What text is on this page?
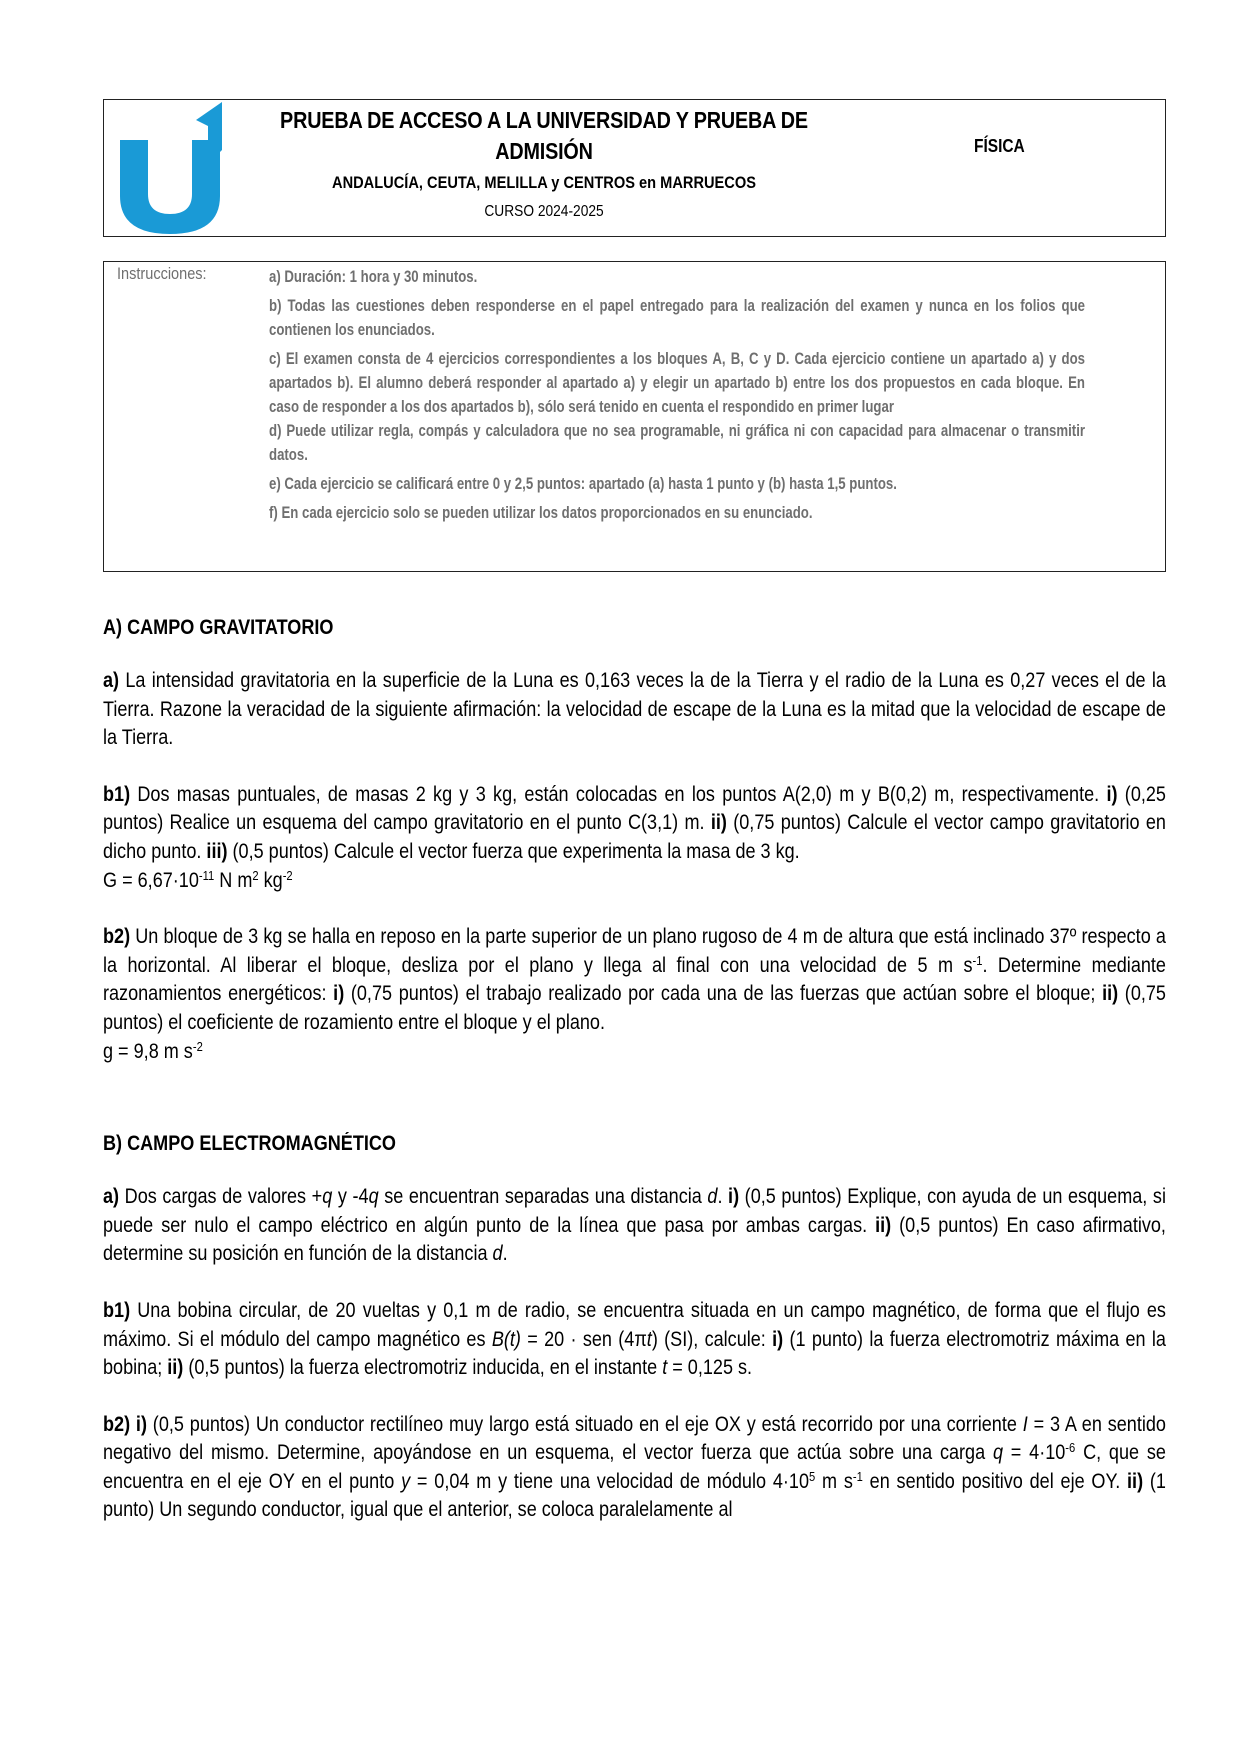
PRUEBA DE ACCESO A LA UNIVERSIDAD Y PRUEBA DE
ADMISIÓN
ANDALUCÍA, CEUTA, MELILLA y CENTROS en MARRUECOS
CURSO 2024-2025
FÍSICA
Instrucciones:	a) Duración: 1 hora y 30 minutos.
b) Todas las cuestiones deben responderse en el papel entregado para la realización del examen y nunca en los folios que contienen los enunciados.
c) El examen consta de 4 ejercicios correspondientes a los bloques A, B, C y D. Cada ejercicio contiene un apartado a) y dos apartados b). El alumno deberá responder al apartado a) y elegir un apartado b) entre los dos propuestos en cada bloque. En caso de responder a los dos apartados b), sólo será tenido en cuenta el respondido en primer lugar
d) Puede utilizar regla, compás y calculadora que no sea programable, ni gráfica ni con capacidad para almacenar o transmitir datos.
e) Cada ejercicio se calificará entre 0 y 2,5 puntos: apartado (a) hasta 1 punto y (b) hasta 1,5 puntos.
f) En cada ejercicio solo se pueden utilizar los datos proporcionados en su enunciado.
A) CAMPO GRAVITATORIO
a) La intensidad gravitatoria en la superficie de la Luna es 0,163 veces la de la Tierra y el radio de la Luna es 0,27 veces el de la Tierra. Razone la veracidad de la siguiente afirmación: la velocidad de escape de la Luna es la mitad que la velocidad de escape de la Tierra.
b1) Dos masas puntuales, de masas 2 kg y 3 kg, están colocadas en los puntos A(2,0) m y B(0,2) m, respectivamente. i) (0,25 puntos) Realice un esquema del campo gravitatorio en el punto C(3,1) m. ii) (0,75 puntos) Calcule el vector campo gravitatorio en dicho punto. iii) (0,5 puntos) Calcule el vector fuerza que experimenta la masa de 3 kg.
$G = 6,67\cdot 10^{-11}$ N $m^2$ $kg^{-2}$
b2) Un bloque de 3 kg se halla en reposo en la parte superior de un plano rugoso de 4 m de altura que está inclinado 37º respecto a la horizontal. Al liberar el bloque, desliza por el plano y llega al final con una velocidad de 5 m $s^{-1}$. Determine mediante razonamientos energéticos: i) (0,75 puntos) el trabajo realizado por cada una de las fuerzas que actúan sobre el bloque; ii) (0,75 puntos) el coeficiente de rozamiento entre el bloque y el plano.
g = 9,8 m $s^{-2}$
B) CAMPO ELECTROMAGNÉTICO
a) Dos cargas de valores +q y -4q se encuentran separadas una distancia d. i) (0,5 puntos) Explique, con ayuda de un esquema, si puede ser nulo el campo eléctrico en algún punto de la línea que pasa por ambas cargas. ii) (0,5 puntos) En caso afirmativo, determine su posición en función de la distancia d.
b1) Una bobina circular, de 20 vueltas y 0,1 m de radio, se encuentra situada en un campo magnético, de forma que el flujo es máximo. Si el módulo del campo magnético es B(t) = 20 · sen (4πt) (SI), calcule: i) (1 punto) la fuerza electromotriz máxima en la bobina; ii) (0,5 puntos) la fuerza electromotriz inducida, en el instante t = 0,125 s.
b2) i) (0,5 puntos) Un conductor rectilíneo muy largo está situado en el eje OX y está recorrido por una corriente I = 3 A en sentido negativo del mismo. Determine, apoyándose en un esquema, el vector fuerza que actúa sobre una carga $q = 4\cdot 10^{-6}$ C, que se encuentra en el eje OY en el punto y = 0,04 m y tiene una velocidad de módulo $4\cdot 10^5$ m $s^{-1}$ en sentido positivo del eje OY. ii) (1 punto) Un segundo conductor, igual que el anterior, se coloca paralelamente al
